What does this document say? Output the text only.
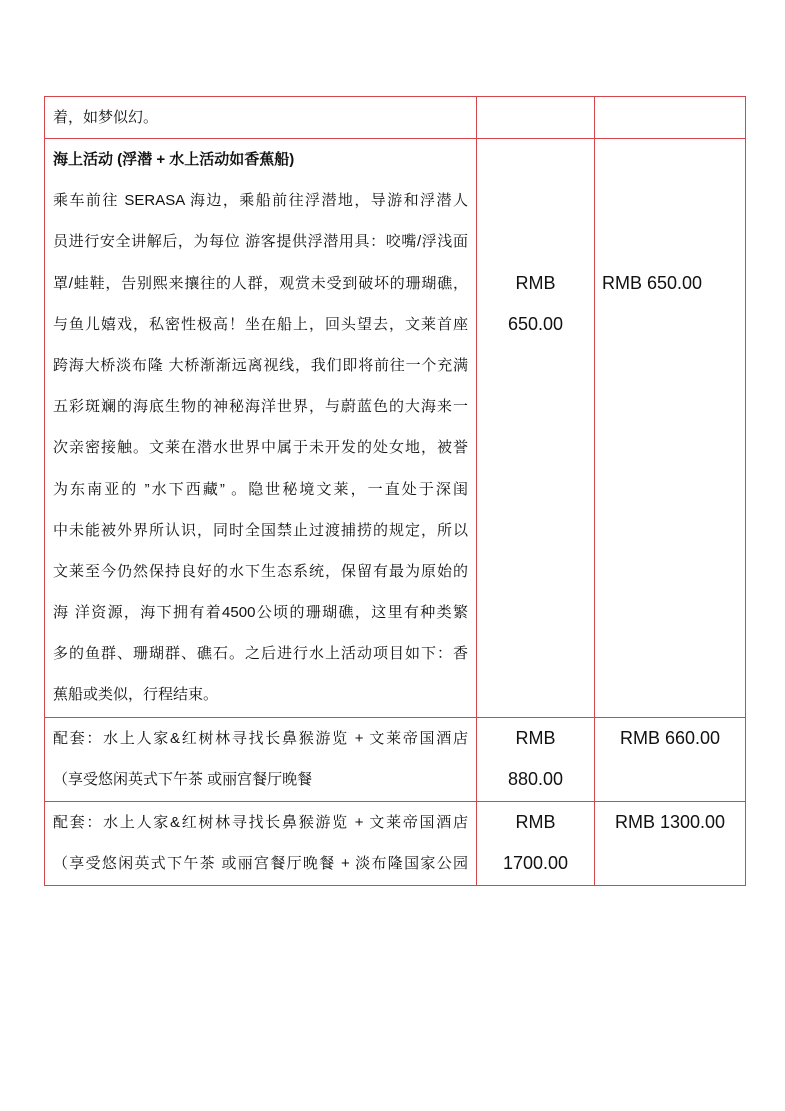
着，如梦似幻。
海上活动 (浮潜 + 水上活动如香蕉船)
乘车前往 SERASA 海边，乘船前往浮潜地，导游和浮潜人
员进行安全讲解后，为每位 游客提供浮潜用具：咬嘴/浮浅面
罩/蛙鞋，告别熙来攘往的人群，观赏未受到破坏的珊瑚礁，
与鱼儿嬉戏，私密性极高！坐在船上，回头望去，文莱首座
跨海大桥淡布隆 大桥渐渐远离视线，我们即将前往一个充满
五彩斑斓的海底生物的神秘海洋世界，与蔚蓝色的大海来一
次亲密接触。文莱在潜水世界中属于未开发的处女地，被誉
为东南亚的 ”水下西藏” 。隐世秘境文莱，一直处于深闺
中未能被外界所认识，同时全国禁止过渡捕捞的规定，所以
文莱至今仍然保持良好的水下生态系统，保留有最为原始的
海 洋资源，海下拥有着4500公顷的珊瑚礁，这里有种类繁
多的鱼群、珊瑚群、礁石。之后进行水上活动项目如下：香
蕉船或类似，行程结束。
RMB
650.00
RMB 650.00
配套：水上人家&红树林寻找长鼻猴游览 + 文莱帝国酒店
（享受悠闲英式下午茶 或丽宫餐厅晚餐
RMB
880.00
RMB 660.00
配套：水上人家&红树林寻找长鼻猴游览 + 文莱帝国酒店
（享受悠闲英式下午茶 或丽宫餐厅晚餐 + 淡布隆国家公园
RMB
1700.00
RMB 1300.00
